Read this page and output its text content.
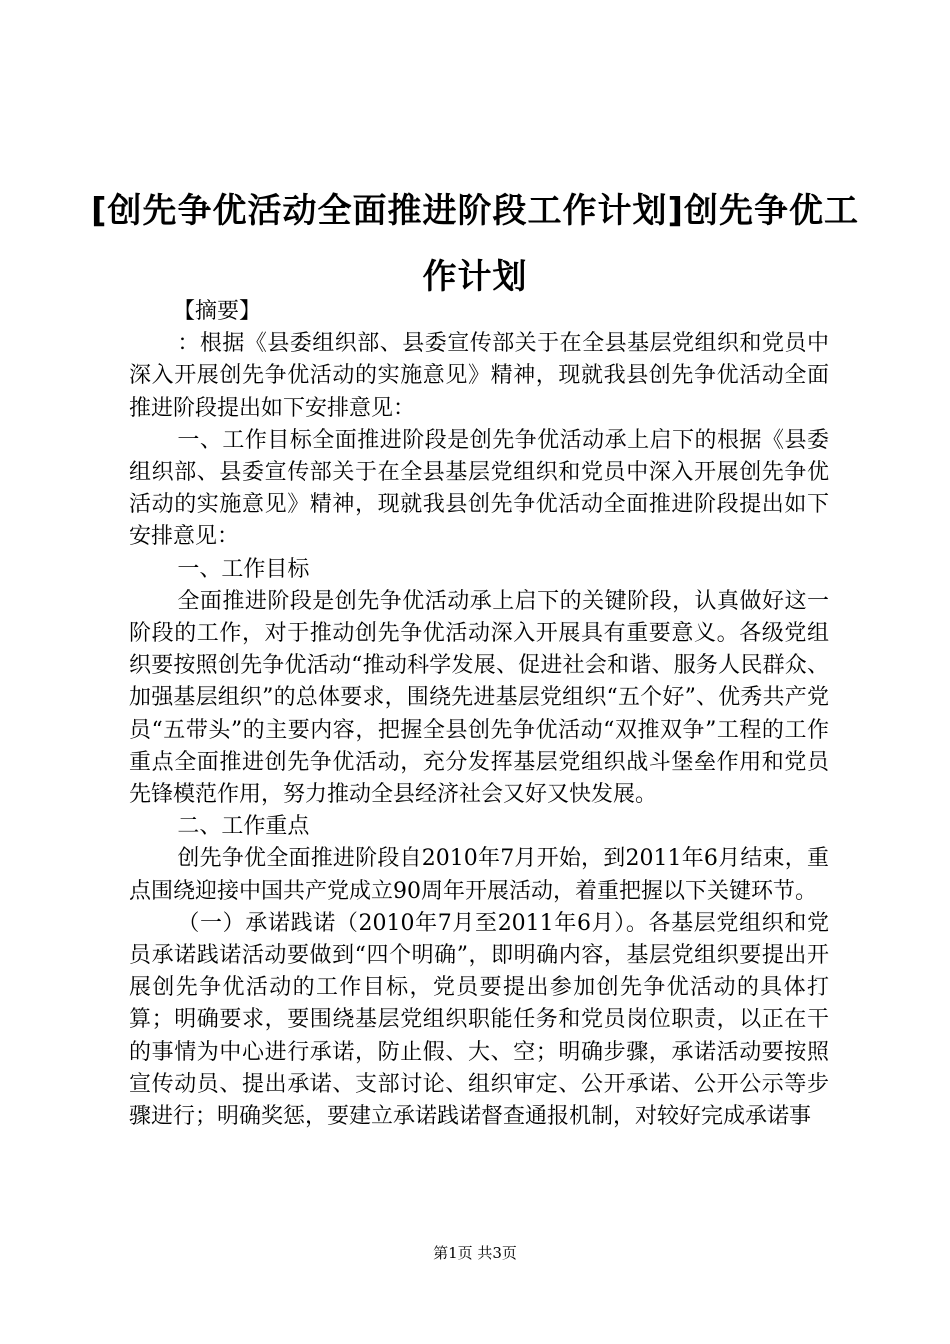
[创先争优活动全面推进阶段工作计划]创先争优工作计划

【摘要】

：根据《县委组织部、县委宣传部关于在全县基层党组织和党员中深入开展创先争优活动的实施意见》精神，现就我县创先争优活动全面推进阶段提出如下安排意见：

一、工作目标全面推进阶段是创先争优活动承上启下的根据《县委组织部、县委宣传部关于在全县基层党组织和党员中深入开展创先争优活动的实施意见》精神，现就我县创先争优活动全面推进阶段提出如下安排意见：

一、工作目标

全面推进阶段是创先争优活动承上启下的关键阶段，认真做好这一阶段的工作，对于推动创先争优活动深入开展具有重要意义。各级党组织要按照创先争优活动“推动科学发展、促进社会和谐、服务人民群众、加强基层组织”的总体要求，围绕先进基层党组织“五个好”、优秀共产党员“五带头”的主要内容，把握全县创先争优活动“双推双争”工程的工作重点全面推进创先争优活动，充分发挥基层党组织战斗堡垒作用和党员先锋模范作用，努力推动全县经济社会又好又快发展。

二、工作重点

创先争优全面推进阶段自2010年7月开始，到2011年6月结束，重点围绕迎接中国共产党成立90周年开展活动，着重把握以下关键环节。

（一）承诺践诺（2010年7月至2011年6月）。各基层党组织和党员承诺践诺活动要做到“四个明确”，即明确内容，基层党组织要提出开展创先争优活动的工作目标，党员要提出参加创先争优活动的具体打算；明确要求，要围绕基层党组织职能任务和党员岗位职责，以正在干的事情为中心进行承诺，防止假、大、空；明确步骤，承诺活动要按照宣传动员、提出承诺、支部讨论、组织审定、公开承诺、公开公示等步骤进行；明确奖惩，要建立承诺践诺督查通报机制，对较好完成承诺事

第1页 共3页
